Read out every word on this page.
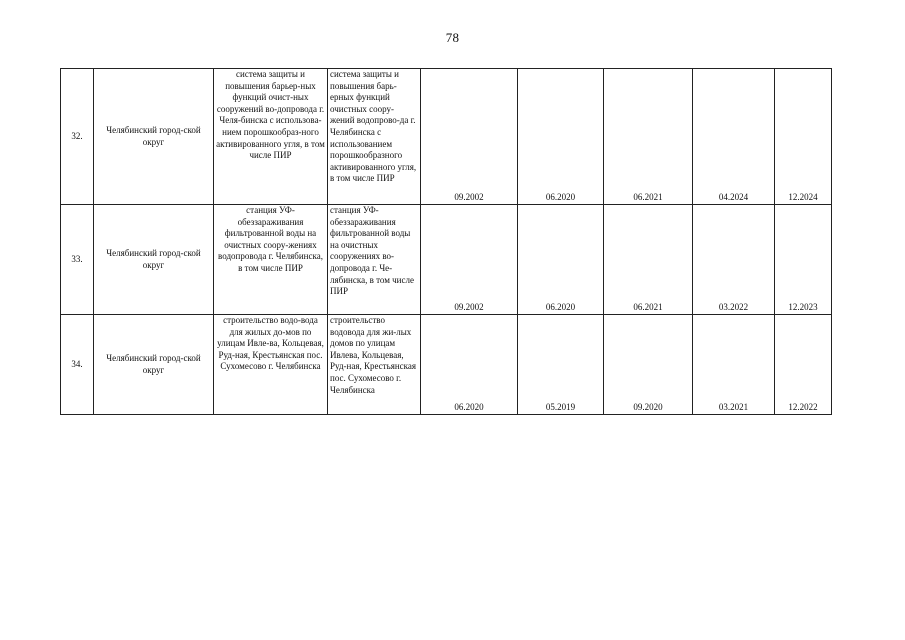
78
32.	Челябинский город-ской округ	система защиты и повышения барьер-ных функций очист-ных сооружений во-допровода г. Челя-бинска с использова-нием порошкообраз-ного активированного угля, в том числе ПИР	система защиты и повышения барь-ерных функций очистных соору-жений водопрово-да г. Челябинска с использованием порошкообразного активированного угля, в том числе ПИР	09.2002	06.2020	06.2021	04.2024	12.2024
33.	Челябинский город-ской округ	станция УФ-обеззараживания фильтрованной воды на очистных соору-жениях водопровода г. Челябинска, в том числе ПИР	станция УФ-обеззараживания фильтрованной воды на очистных сооружениях во-допровода г. Че-лябинска, в том числе ПИР	09.2002	06.2020	06.2021	03.2022	12.2023
34.	Челябинский город-ской округ	строительство водо-вода для жилых до-мов по улицам Ивле-ва, Кольцевая, Руд-ная, Крестьянская пос. Сухомесово г. Челябинска	строительство водовода для жи-лых домов по улицам Ивлева, Кольцевая, Руд-ная, Крестьянская пос. Сухомесово г. Челябинска	06.2020	05.2019	09.2020	03.2021	12.2022
